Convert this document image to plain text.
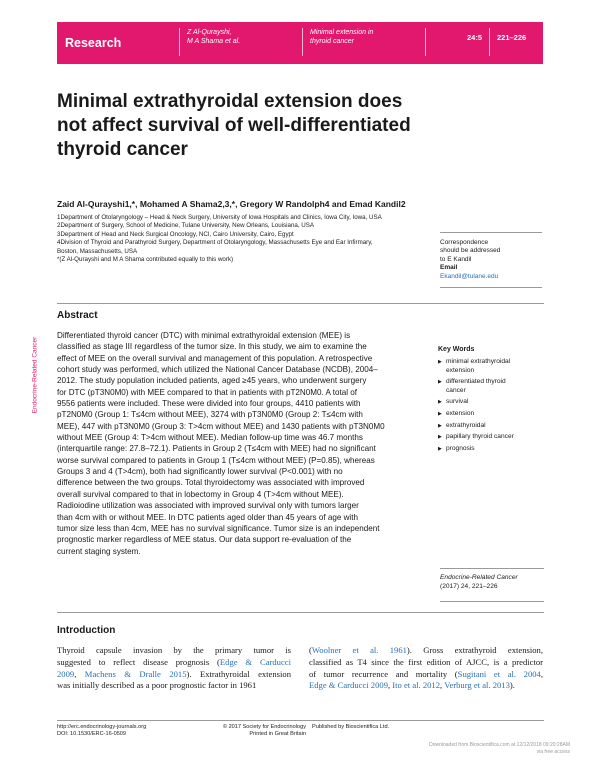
Research
Z Al-Qurayshi,
M A Shama et al.
Minimal extension in
thyroid cancer	24:5 221–226
Minimal extrathyroidal extension does
not affect survival of well-differentiated
thyroid cancer
Zaid Al-Qurayshi1,*, Mohamed A Shama2,3,*, Gregory W Randolph4 and Emad Kandil2
1Department of Otolaryngology – Head & Neck Surgery, University of Iowa Hospitals and Clinics, Iowa City, Iowa, USA
2Department of Surgery, School of Medicine, Tulane University, New Orleans, Louisiana, USA
3Department of Head and Neck Surgical Oncology, NCI, Cairo University, Cairo, Egypt
4Division of Thyroid and Parathyroid Surgery, Department of Otolaryngology, Massachusetts Eye and Ear Infirmary,
Boston, Massachusetts, USA
*(Z Al-Qurayshi and M A Shama contributed equally to this work)
Correspondence
should be addressed
to E Kandil
Email
Ekandil@tulane.edu
Abstract
Endocrine-Related Cancer
Differentiated thyroid cancer (DTC) with minimal extrathyroidal extension (MEE) is
classified as stage III regardless of the tumor size. In this study, we aim to examine the
effect of MEE on the overall survival and management of this population. A retrospective
cohort study was performed, which utilized the National Cancer Database (NCDB), 2004–
2012. The study population included patients, aged ≥45 years, who underwent surgery
for DTC (pT3N0M0) with MEE compared to that in patients with pT2N0M0. A total of
9556 patients were included. These were divided into four groups, 4410 patients with
pT2N0M0 (Group 1: T≤4cm without MEE), 3274 with pT3N0M0 (Group 2: T≤4cm with
MEE), 447 with pT3N0M0 (Group 3: T>4cm without MEE) and 1430 patients with pT3N0M0
without MEE (Group 4: T>4cm without MEE). Median follow-up time was 46.7 months
(interquartile range: 27.8–72.1). Patients in Group 2 (T≤4cm with MEE) had no significant
worse survival compared to patients in Group 1 (T≤4cm without MEE) (P=0.85), whereas
Groups 3 and 4 (T>4cm), both had significantly lower survival (P<0.001) with no
difference between the two groups. Total thyroidectomy was associated with improved
overall survival compared to that in lobectomy in Group 4 (T>4cm without MEE).
Radioiodine utilization was associated with improved survival only with tumors larger
than 4cm with or without MEE. In DTC patients aged older than 45 years of age with
tumor size less than 4cm, MEE has no survival significance. Tumor size is an independent
prognostic marker regardless of MEE status. Our data support re-evaluation of the
current staging system.
Key Words
▶ minimal extrathyroidal
extension
▶ differentiated thyroid
cancer
▶ survival
▶ extension
▶ extrathyroidal
▶ papillary thyroid cancer
▶ prognosis
Endocrine-Related Cancer
(2017) 24, 221–226
Introduction
Thyroid capsule invasion by the primary tumor is
suggested to reflect disease prognosis (Edge & Carducci
2009, Machens & Dralle 2015). Extrathyroidal extension
was initially described as a poor prognostic factor in 1961
(Woolner et al. 1961). Gross extrathyroid extension,
classified as T4 since the first edition of AJCC, is a predictor
of tumor recurrence and mortality (Sugitani et al. 2004,
Edge & Carducci 2009, Ito et al. 2012, Verburg et al. 2013).
http://erc.endocrinology-journals.org
DOI: 10.1530/ERC-16-0509
© 2017 Society for Endocrinology
Printed in Great Britain
Published by Bioscientifica Ltd.
Downloaded from Bioscientifica.com at 12/12/2018 09:20:28AM
via free access
